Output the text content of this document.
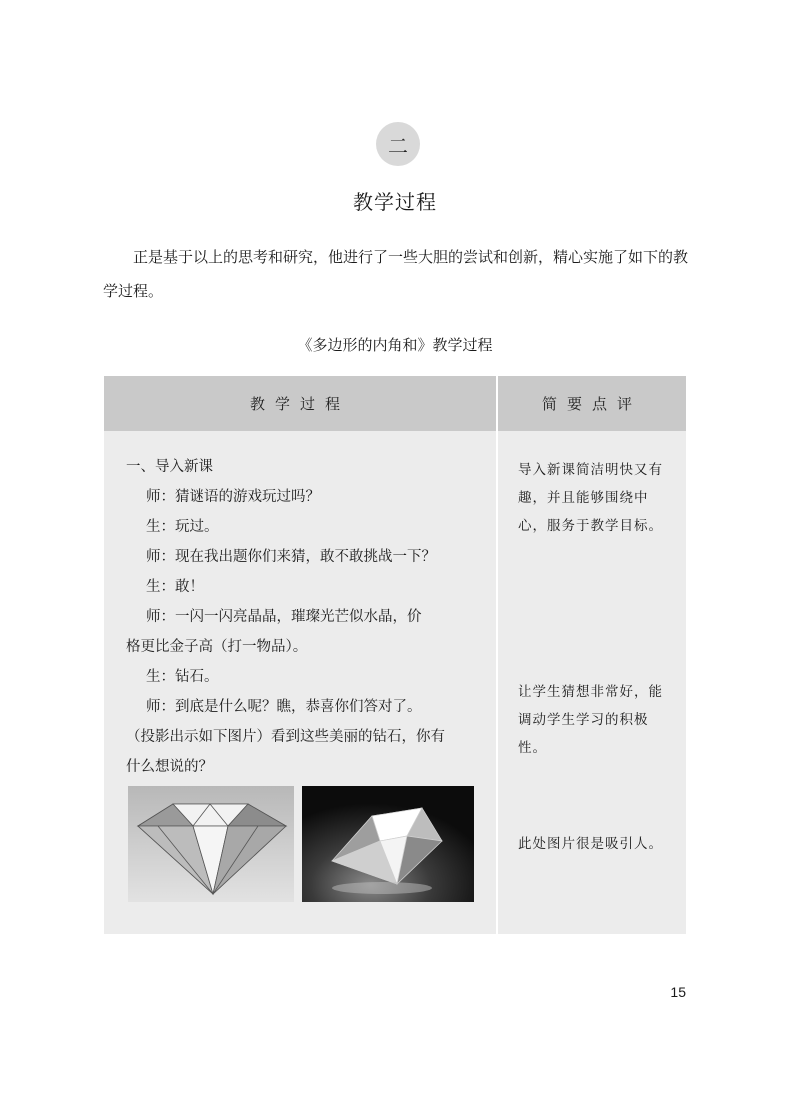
二
教学过程
正是基于以上的思考和研究，他进行了一些大胆的尝试和创新，精心实施了如下的教学过程。
《多边形的内角和》教学过程
教学过程	简要点评
一、导入新课
师：猜谜语的游戏玩过吗？
生：玩过。
师：现在我出题你们来猜，敢不敢挑战一下？
生：敢！
师：一闪一闪亮晶晶，璀璨光芒似水晶，价
格更比金子高（打一物品）。
生：钻石。
师：到底是什么呢？瞧，恭喜你们答对了。
（投影出示如下图片）看到这些美丽的钻石，你有
什么想说的？
导入新课简洁明快又有趣，并且能够围绕中心，服务于教学目标。
让学生猜想非常好，能调动学生学习的积极性。
此处图片很是吸引人。
15
